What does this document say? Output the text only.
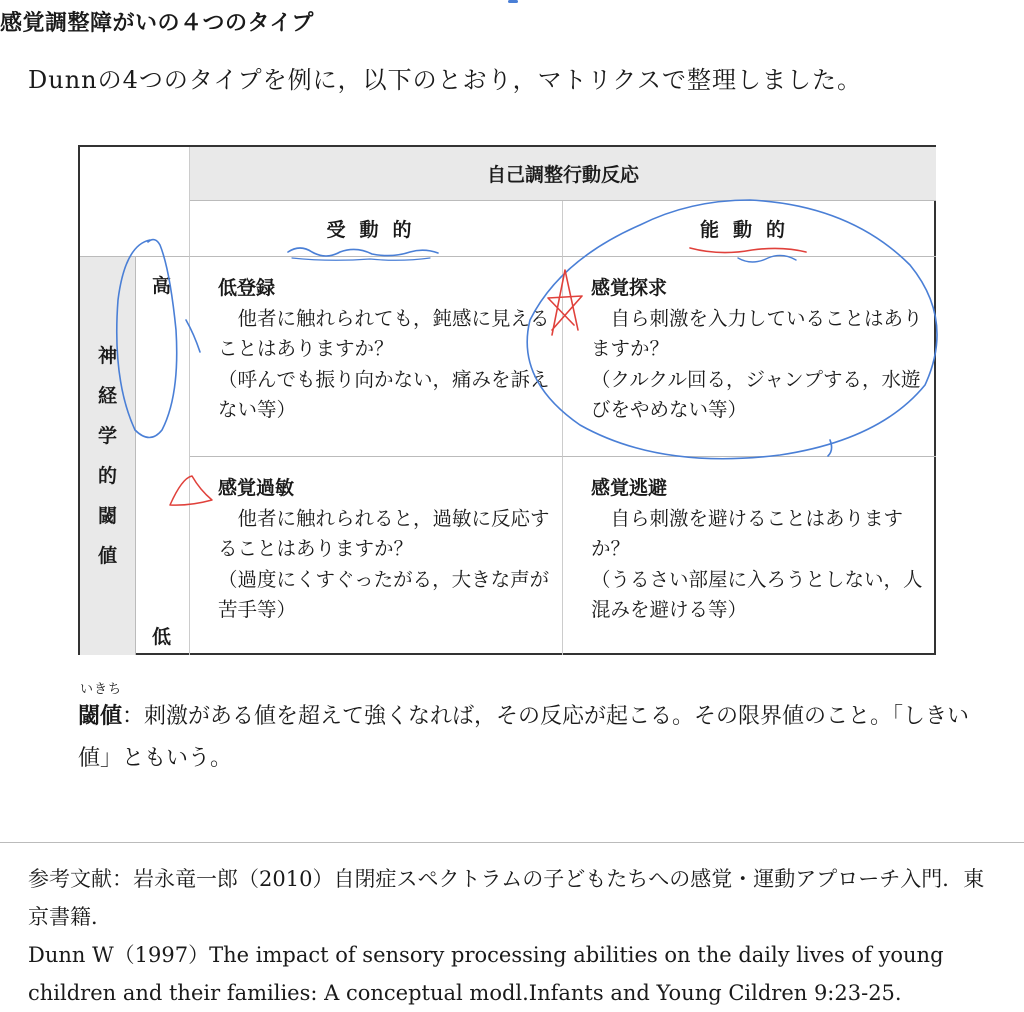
感覚調整障がいの４つのタイプ
Dunnの4つのタイプを例に，以下のとおり，マトリクスで整理しました。
自己調整行動反応
受動的	能動的
神
経
学
的
閾
値
高
低
低登録
他者に触れられても，鈍感に見えることはありますか？
（呼んでも振り向かない，痛みを訴えない等）
感覚探求
自ら刺激を入力していることはありますか？
（クルクル回る，ジャンプする，水遊びをやめない等）
感覚過敏
他者に触れられると，過敏に反応することはありますか？
（過度にくすぐったがる，大きな声が苦手等）
感覚逃避
自ら刺激を避けることはありますか？
（うるさい部屋に入ろうとしない，人混みを避ける等）
いきち
閾値：刺激がある値を超えて強くなれば，その反応が起こる。その限界値のこと。「しきい値」ともいう。
参考文献：岩永竜一郎（2010）自閉症スペクトラムの子どもたちへの感覚・運動アプローチ入門．東京書籍．
Dunn W（1997）The impact of sensory processing abilities on the daily lives of young children and their families: A conceptual modl.Infants and Young Cildren 9:23-25.
